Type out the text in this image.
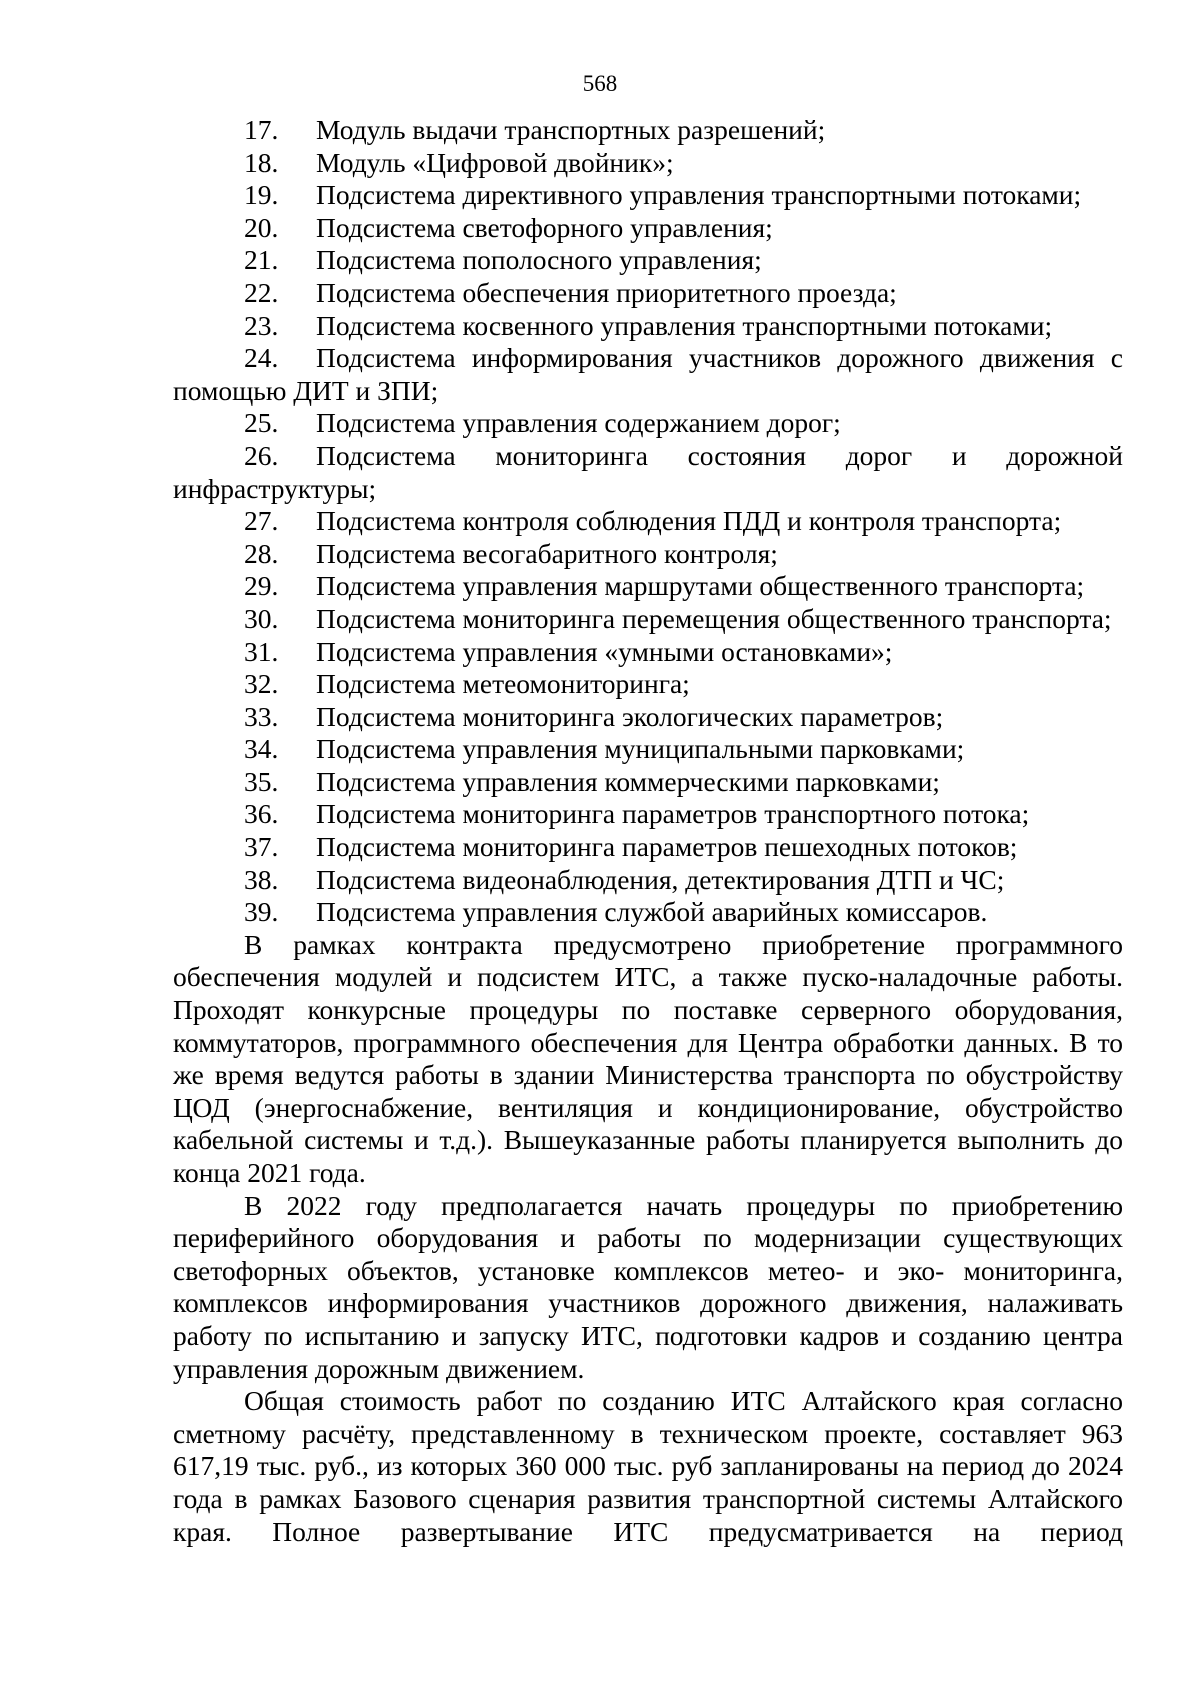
568

17. Модуль выдачи транспортных разрешений;

18. Модуль «Цифровой двойник»;

19. Подсистема директивного управления транспортными потоками;

20. Подсистема светофорного управления;

21. Подсистема пополосного управления;

22. Подсистема обеспечения приоритетного проезда;

23. Подсистема косвенного управления транспортными потоками;

24. Подсистема информирования участников дорожного движения с помощью ДИТ и ЗПИ;

25. Подсистема управления содержанием дорог;

26. Подсистема мониторинга состояния дорог и дорожной инфраструктуры;

27. Подсистема контроля соблюдения ПДД и контроля транспорта;

28. Подсистема весогабаритного контроля;

29. Подсистема управления маршрутами общественного транспорта;

30. Подсистема мониторинга перемещения общественного транспорта;

31. Подсистема управления «умными остановками»;

32. Подсистема метеомониторинга;

33. Подсистема мониторинга экологических параметров;

34. Подсистема управления муниципальными парковками;

35. Подсистема управления коммерческими парковками;

36. Подсистема мониторинга параметров транспортного потока;

37. Подсистема мониторинга параметров пешеходных потоков;

38. Подсистема видеонаблюдения, детектирования ДТП и ЧС;

39. Подсистема управления службой аварийных комиссаров.

В рамках контракта предусмотрено приобретение программного обеспечения модулей и подсистем ИТС, а также пуско-наладочные работы. Проходят конкурсные процедуры по поставке серверного оборудования, коммутаторов, программного обеспечения для Центра обработки данных. В то же время ведутся работы в здании Министерства транспорта по обустройству ЦОД (энергоснабжение, вентиляция и кондиционирование, обустройство кабельной системы и т.д.). Вышеуказанные работы планируется выполнить до конца 2021 года.

В 2022 году предполагается начать процедуры по приобретению периферийного оборудования и работы по модернизации существующих светофорных объектов, установке комплексов метео- и эко- мониторинга, комплексов информирования участников дорожного движения, налаживать работу по испытанию и запуску ИТС, подготовки кадров и созданию центра управления дорожным движением.

Общая стоимость работ по созданию ИТС Алтайского края согласно сметному расчёту, представленному в техническом проекте, составляет 963 617,19 тыс. руб., из которых 360 000 тыс. руб запланированы на период до 2024 года в рамках Базового сценария развития транспортной системы Алтайского края. Полное развертывание ИТС предусматривается на период
